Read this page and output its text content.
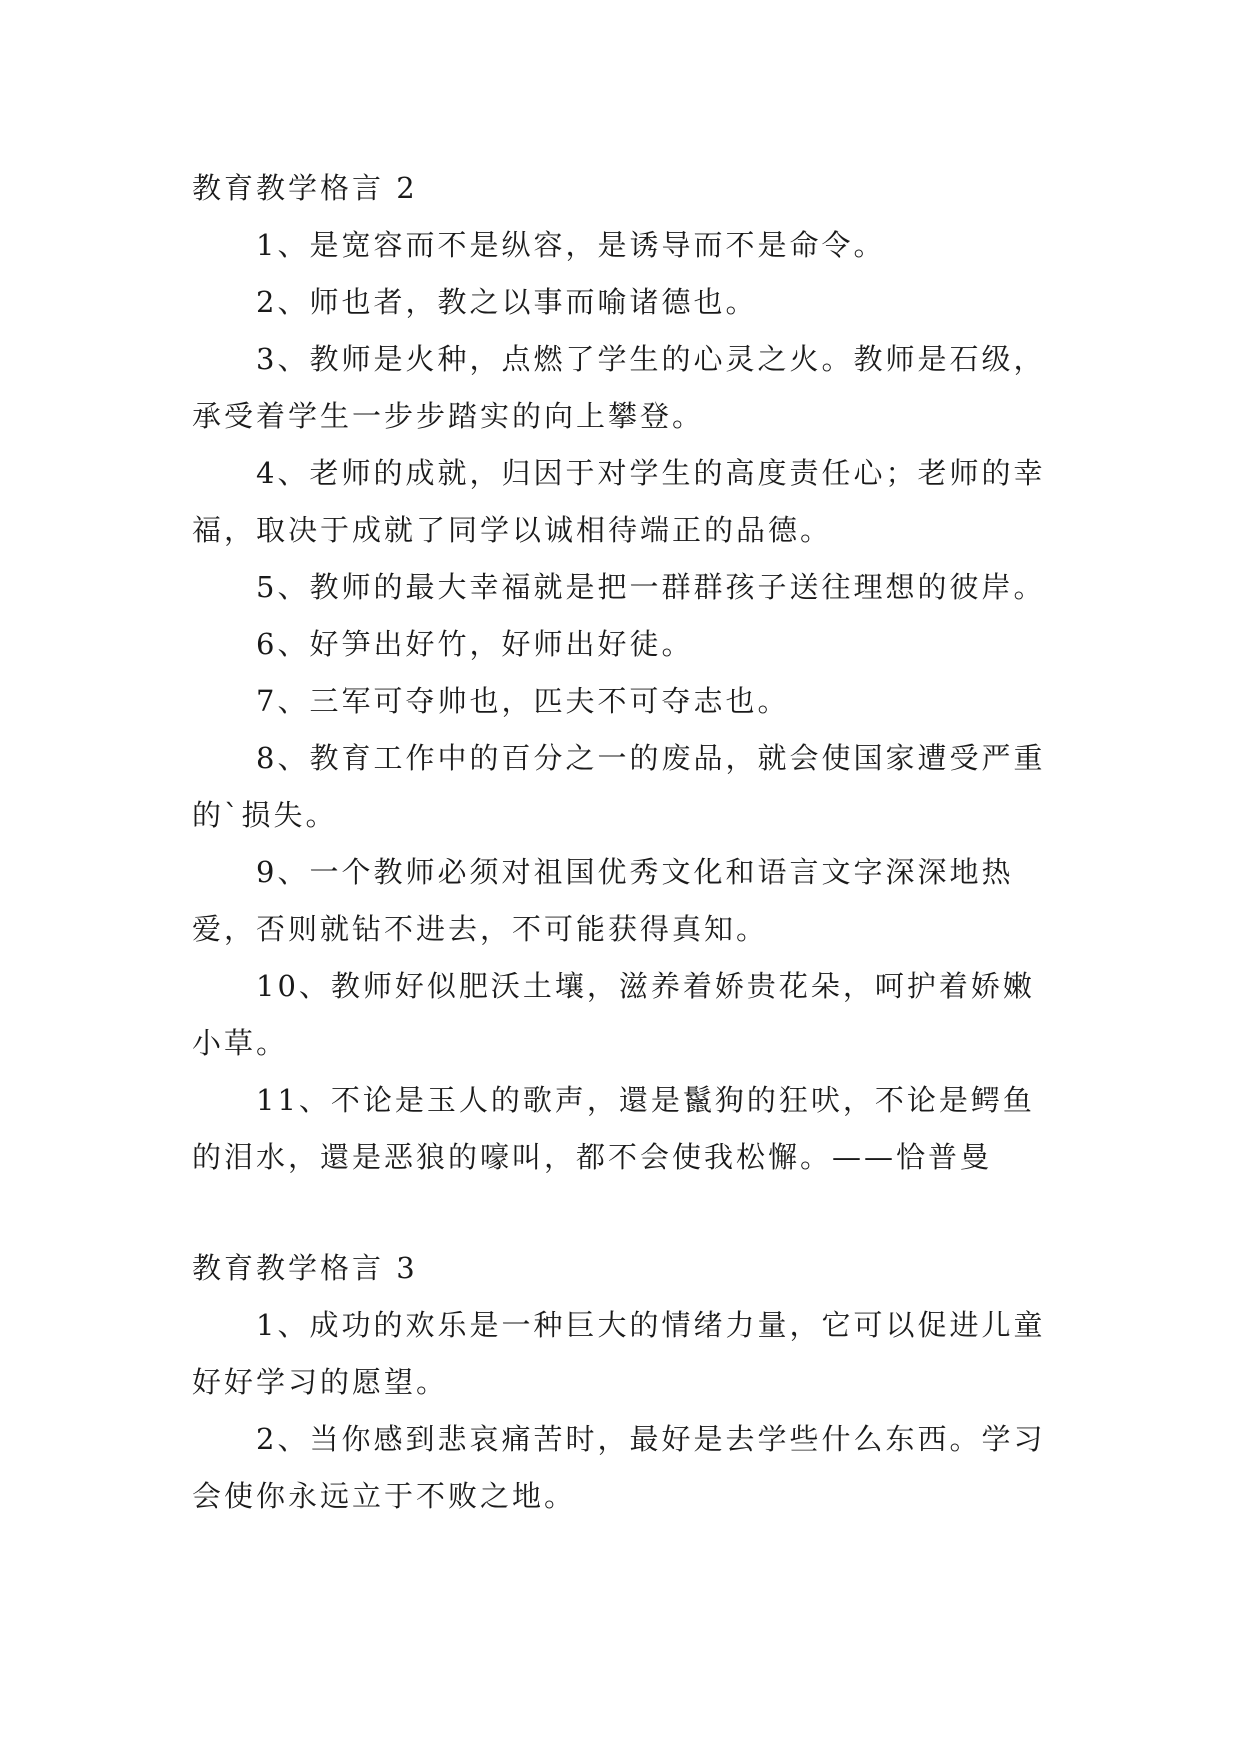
教育教学格言 2

1、是宽容而不是纵容，是诱导而不是命令。

2、师也者，教之以事而喻诸德也。

3、教师是火种，点燃了学生的心灵之火。教师是石级，承受着学生一步步踏实的向上攀登。

4、老师的成就，归因于对学生的高度责任心；老师的幸福，取决于成就了同学以诚相待端正的品德。

5、教师的最大幸福就是把一群群孩子送往理想的彼岸。

6、好笋出好竹，好师出好徒。

7、三军可夺帅也，匹夫不可夺志也。

8、教育工作中的百分之一的废品，就会使国家遭受严重的`损失。

9、一个教师必须对祖国优秀文化和语言文字深深地热爱，否则就钻不进去，不可能获得真知。

10、教师好似肥沃土壤，滋养着娇贵花朵，呵护着娇嫩小草。

11、不论是玉人的歌声，還是鬣狗的狂吠，不论是鳄鱼的泪水，還是恶狼的嚎叫，都不会使我松懈。——恰普曼

教育教学格言 3

1、成功的欢乐是一种巨大的情绪力量，它可以促进儿童好好学习的愿望。

2、当你感到悲哀痛苦时，最好是去学些什么东西。学习会使你永远立于不败之地。
